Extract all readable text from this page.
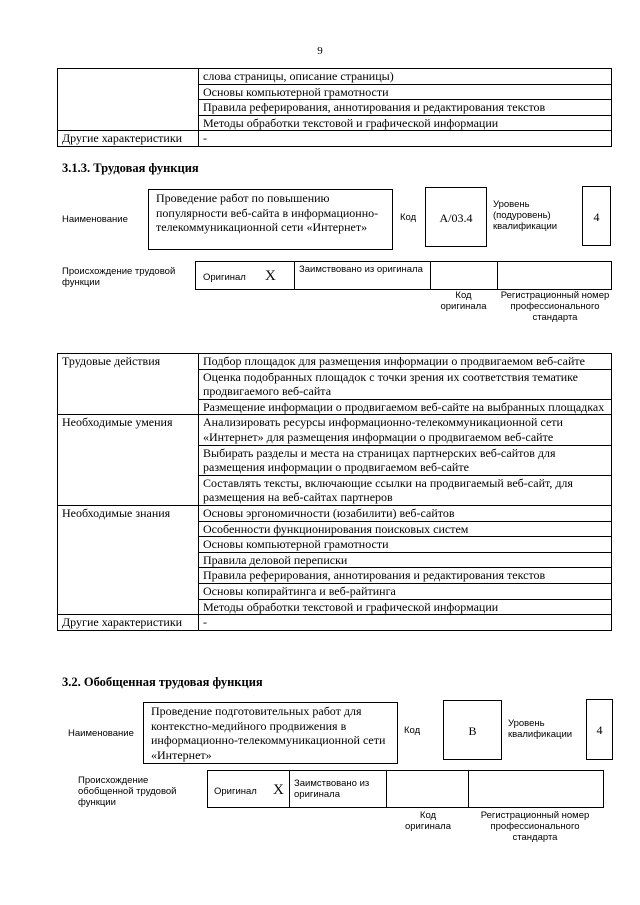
9
	слова страницы, описание страницы)
	Основы компьютерной грамотности
	Правила реферирования, аннотирования и редактирования текстов
	Методы обработки текстовой и графической информации
Другие характеристики	-
3.1.3. Трудовая функция
Наименование
Проведение работ по повышению популярности веб-сайта в информационно-телекоммуникационной сети «Интернет»
Код	А/03.4
Уровень (подуровень) квалификации
4
Происхождение трудовой функции	Оригинал X Заимствовано из оригинала
Код оригинала
Регистрационный номер профессионального стандарта
Трудовые действия	Подбор площадок для размещения информации о продвигаемом веб-сайте
	Оценка подобранных площадок с точки зрения их соответствия тематике продвигаемого веб-сайта
	Размещение информации о продвигаемом веб-сайте на выбранных площадках
Необходимые умения	Анализировать ресурсы информационно-телекоммуникационной сети «Интернет» для размещения информации о продвигаемом веб-сайте
	Выбирать разделы и места на страницах партнерских веб-сайтов для размещения информации о продвигаемом веб-сайте
	Составлять тексты, включающие ссылки на продвигаемый веб-сайт, для размещения на веб-сайтах партнеров
Необходимые знания	Основы эргономичности (юзабилити) веб-сайтов
	Особенности функционирования поисковых систем
	Основы компьютерной грамотности
	Правила деловой переписки
	Правила реферирования, аннотирования и редактирования текстов
	Основы копирайтинга и веб-райтинга
	Методы обработки текстовой и графической информации
Другие характеристики	-
3.2. Обобщенная трудовая функция
Наименование
Проведение подготовительных работ для контекстно-медийного продвижения в информационно-телекоммуникационной сети «Интернет»
Код	B
Уровень квалификации	4
Происхождение обобщенной трудовой функции
Оригинал X Заимствовано из оригинала
Код оригинала
Регистрационный номер профессионального стандарта
